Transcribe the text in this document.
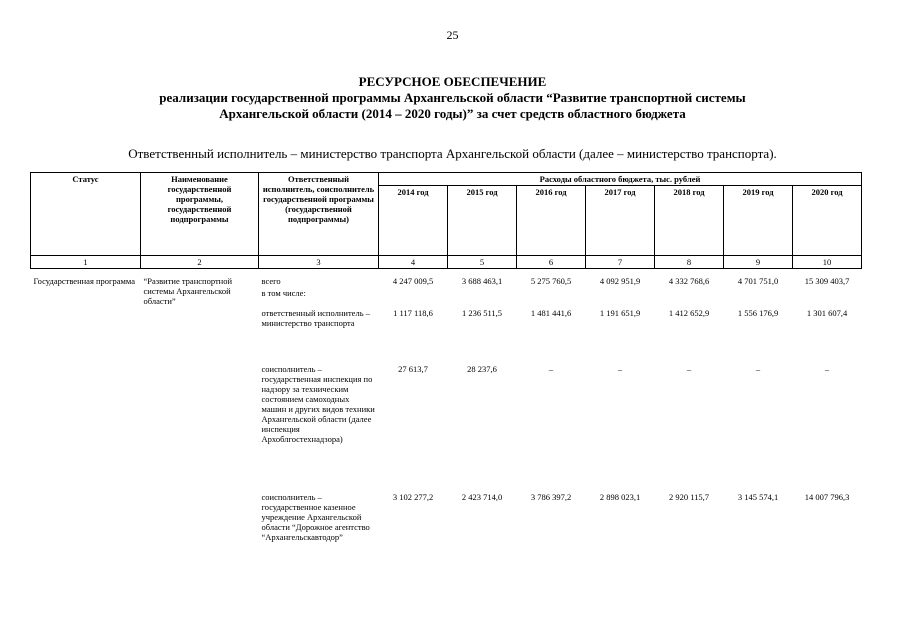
25
РЕСУРСНОЕ ОБЕСПЕЧЕНИЕ
реализации государственной программы Архангельской области “Развитие транспортной системы
Архангельской области (2014 – 2020 годы)” за счет средств областного бюджета
Ответственный исполнитель – министерство транспорта Архангельской области (далее – министерство транспорта).
Статус	Наименование государственной программы, государственной подпрограммы	Ответственный исполнитель, соисполнитель государственной программы (государственной подпрограммы)	Расходы областного бюджета, тыс. рублей						
			2014 год	2015 год	2016 год	2017 год	2018 год	2019 год	2020 год
1	2	3	4	5	6	7	8	9	10

Государственная программа	“Развитие транспортной системы Архангельской области”	всего	4 247 009,5	3 688 463,1	5 275 760,5	4 092 951,9	4 332 768,6	4 701 751,0	15 309 403,7
		в том числе:							
		ответственный исполнитель – министерство транспорта	1 117 118,6	1 236 511,5	1 481 441,6	1 191 651,9	1 412 652,9	1 556 176,9	1 301 607,4
		соисполнитель – государственная инспекция по надзору за техническим состоянием самоходных машин и других видов техники Архангельской области (далее инспекция Архоблгостехнадзора)	27 613,7	28 237,6	–	–	–	–	–
		соисполнитель – государственное казенное учреждение Архангельской области “Дорожное агентство “Архангельскавтодор”	3 102 277,2	2 423 714,0	3 786 397,2	2 898 023,1	2 920 115,7	3 145 574,1	14 007 796,3
